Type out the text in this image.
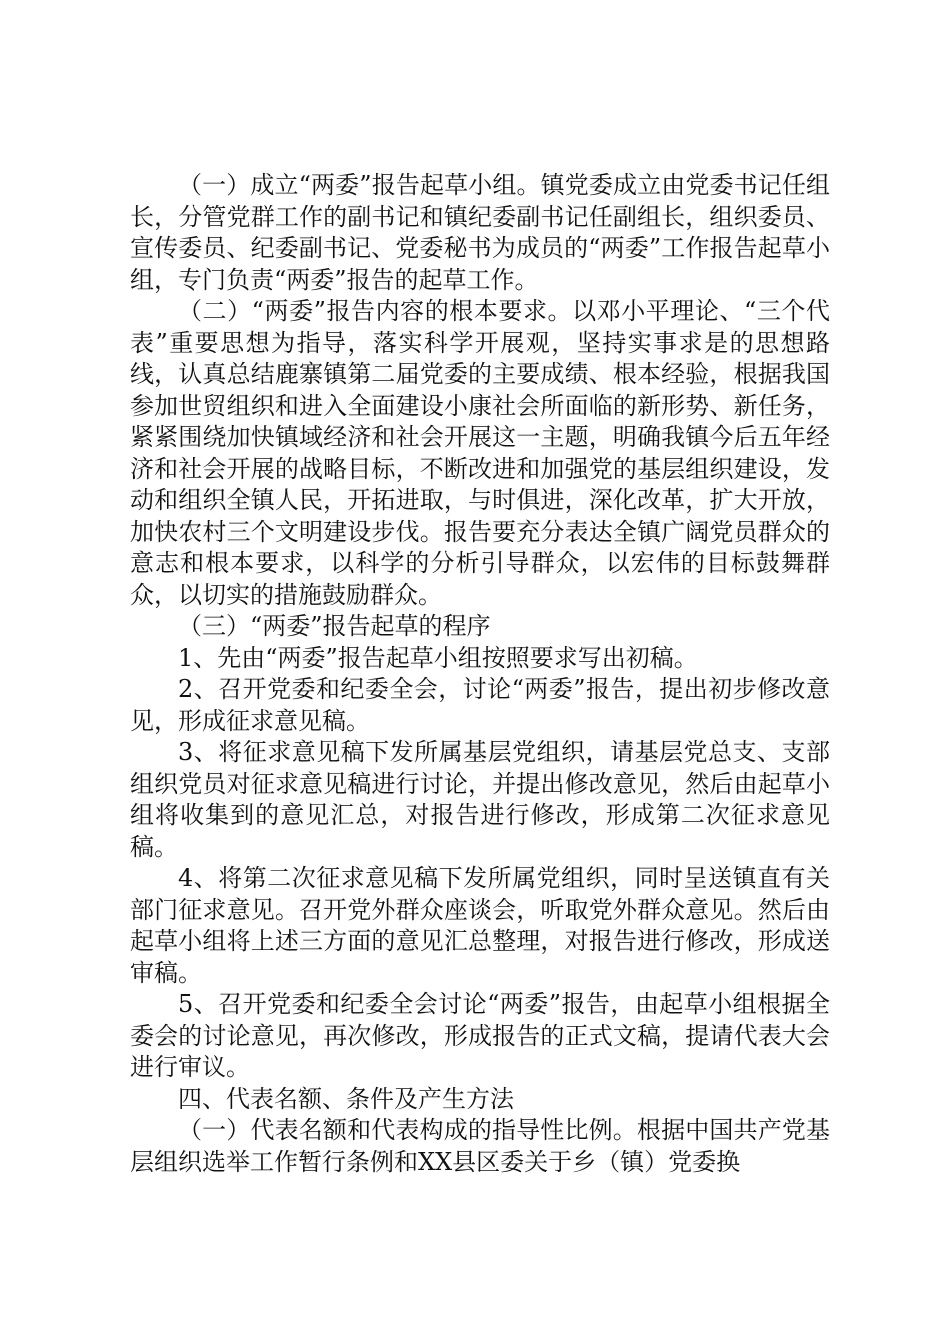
（一）成立“两委”报告起草小组。镇党委成立由党委书记任组长，分管党群工作的副书记和镇纪委副书记任副组长，组织委员、宣传委员、纪委副书记、党委秘书为成员的“两委”工作报告起草小组，专门负责“两委”报告的起草工作。

（二）“两委”报告内容的根本要求。以邓小平理论、“三个代表”重要思想为指导，落实科学开展观，坚持实事求是的思想路线，认真总结鹿寨镇第二届党委的主要成绩、根本经验，根据我国参加世贸组织和进入全面建设小康社会所面临的新形势、新任务，紧紧围绕加快镇域经济和社会开展这一主题，明确我镇今后五年经济和社会开展的战略目标，不断改进和加强党的基层组织建设，发动和组织全镇人民，开拓进取，与时俱进，深化改革，扩大开放，加快农村三个文明建设步伐。报告要充分表达全镇广阔党员群众的意志和根本要求，以科学的分析引导群众，以宏伟的目标鼓舞群众，以切实的措施鼓励群众。

（三）“两委”报告起草的程序

1、先由“两委”报告起草小组按照要求写出初稿。

2、召开党委和纪委全会，讨论“两委”报告，提出初步修改意见，形成征求意见稿。

3、将征求意见稿下发所属基层党组织，请基层党总支、支部组织党员对征求意见稿进行讨论，并提出修改意见，然后由起草小组将收集到的意见汇总，对报告进行修改，形成第二次征求意见稿。

4、将第二次征求意见稿下发所属党组织，同时呈送镇直有关部门征求意见。召开党外群众座谈会，听取党外群众意见。然后由起草小组将上述三方面的意见汇总整理，对报告进行修改，形成送审稿。

5、召开党委和纪委全会讨论“两委”报告，由起草小组根据全委会的讨论意见，再次修改，形成报告的正式文稿，提请代表大会进行审议。

四、代表名额、条件及产生方法

（一）代表名额和代表构成的指导性比例。根据中国共产党基层组织选举工作暂行条例和XX县区委关于乡（镇）党委换
